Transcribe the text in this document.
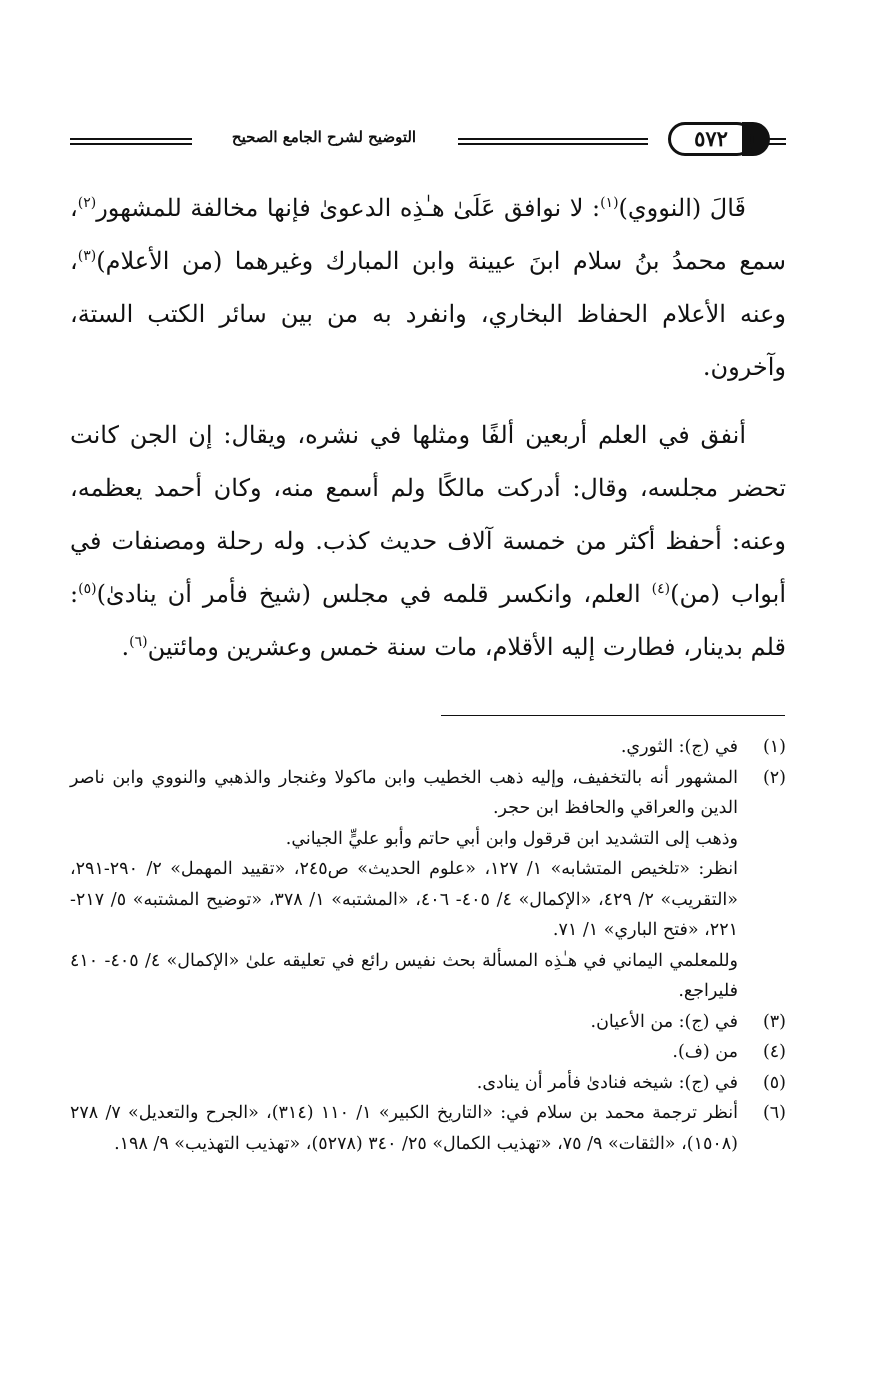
التوضيح لشرح الجامع الصحيح	٥٧٢

قَالَ (النووي)$^{(١)}$: لا نوافق عَلَىٰ هـٰذِه الدعوىٰ فإنها مخالفة للمشهور$^{(٢)}$، سمع محمدُ بنُ سلام ابنَ عيينة وابن المبارك وغيرهما (من الأعلام)$^{(٣)}$، وعنه الأعلام الحفاظ البخاري، وانفرد به من بين سائر الكتب الستة، وآخرون.

أنفق في العلم أربعين ألفًا ومثلها في نشره، ويقال: إن الجن كانت تحضر مجلسه، وقال: أدركت مالكًا ولم أسمع منه، وكان أحمد يعظمه، وعنه: أحفظ أكثر من خمسة آلاف حديث كذب. وله رحلة ومصنفات في أبواب (من)$^{(٤)}$ العلم، وانكسر قلمه في مجلس (شيخ فأمر أن ينادىٰ)$^{(٥)}$: قلم بدينار، فطارت إليه الأقلام، مات سنة خمس وعشرين ومائتين$^{(٦)}$.

(١)
في (ج): الثوري.
(٢)
المشهور أنه بالتخفيف، وإليه ذهب الخطيب وابن ماكولا وغنجار والذهبي والنووي وابن ناصر الدين والعراقي والحافظ ابن حجر.
وذهب إلى التشديد ابن قرقول وابن أبي حاتم وأبو عليٍّ الجياني.
انظر: «تلخيص المتشابه» ١/ ١٢٧، «علوم الحديث» ص٢٤٥، «تقييد المهمل» ٢/ ٢٩٠-٢٩١، «التقريب» ٢/ ٤٢٩، «الإكمال» ٤/ ٤٠٥- ٤٠٦، «المشتبه» ١/ ٣٧٨، «توضيح المشتبه» ٥/ ٢١٧- ٢٢١، «فتح الباري» ١/ ٧١.
وللمعلمي اليماني في هـٰذِه المسألة بحث نفيس رائع في تعليقه علىٰ «الإكمال» ٤/ ٤٠٥- ٤١٠ فليراجع.
(٣)
في (ج): من الأعيان.
(٤)
من (ف).
(٥)
في (ج): شيخه فنادىٰ فأمر أن ينادى.
(٦)
أنظر ترجمة محمد بن سلام في: «التاريخ الكبير» ١/ ١١٠ (٣١٤)، «الجرح والتعديل» ٧/ ٢٧٨ (١٥٠٨)، «الثقات» ٩/ ٧٥، «تهذيب الكمال» ٢٥/ ٣٤٠ (٥٢٧٨)، «تهذيب التهذيب» ٩/ ١٩٨.
